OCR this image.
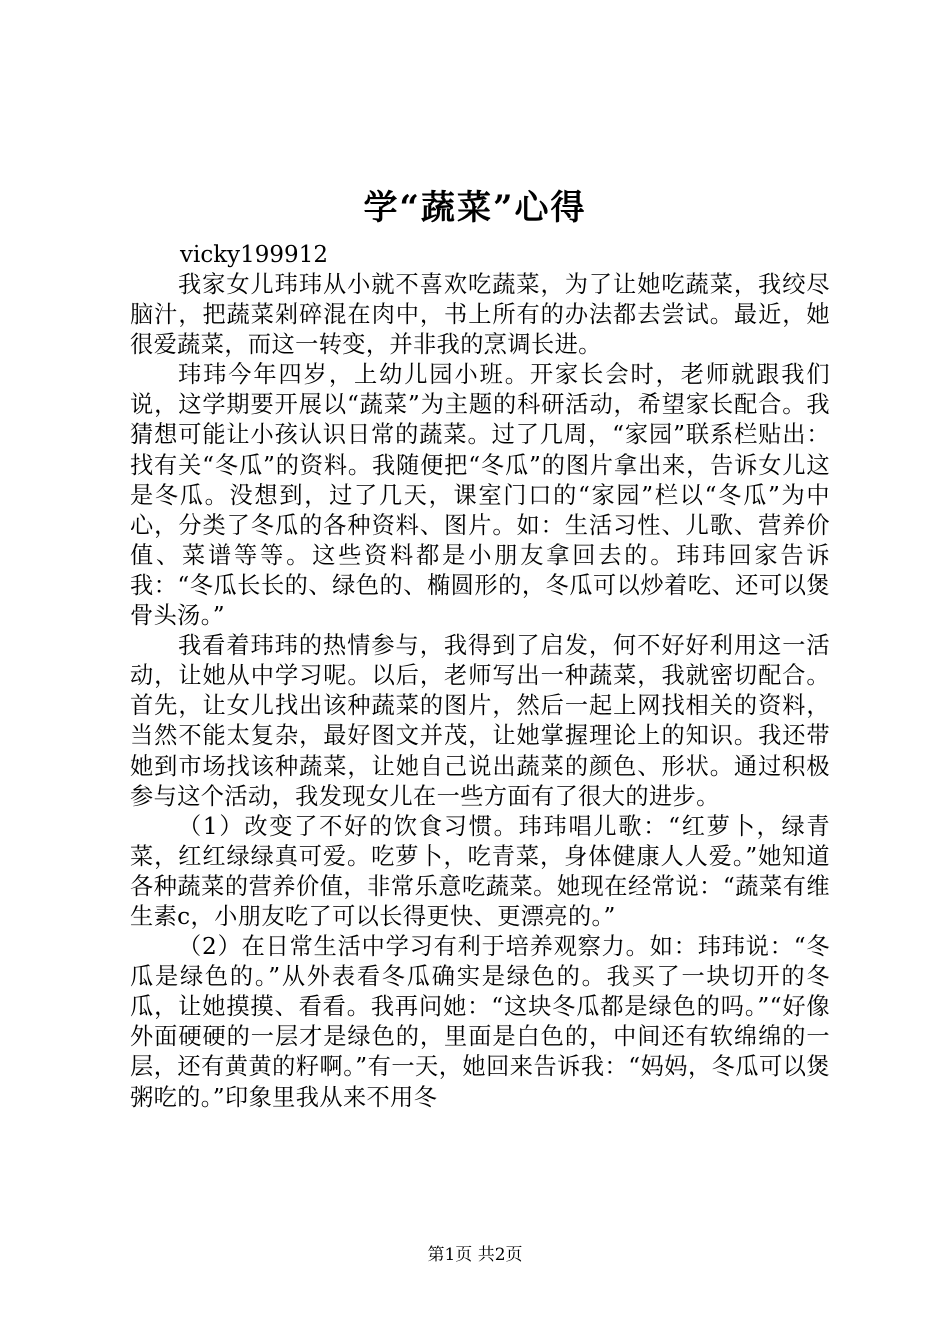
学“蔬菜”心得
vicky199912

我家女儿玮玮从小就不喜欢吃蔬菜，为了让她吃蔬菜，我绞尽脑汁，把蔬菜剁碎混在肉中，书上所有的办法都去尝试。最近，她很爱蔬菜，而这一转变，并非我的烹调长进。

玮玮今年四岁，上幼儿园小班。开家长会时，老师就跟我们说，这学期要开展以“蔬菜”为主题的科研活动，希望家长配合。我猜想可能让小孩认识日常的蔬菜。过了几周，“家园”联系栏贴出：找有关“冬瓜”的资料。我随便把“冬瓜”的图片拿出来，告诉女儿这是冬瓜。没想到，过了几天，课室门口的“家园”栏以“冬瓜”为中心，分类了冬瓜的各种资料、图片。如：生活习性、儿歌、营养价值、菜谱等等。这些资料都是小朋友拿回去的。玮玮回家告诉我：“冬瓜长长的、绿色的、椭圆形的，冬瓜可以炒着吃、还可以煲骨头汤。”

我看着玮玮的热情参与，我得到了启发，何不好好利用这一活动，让她从中学习呢。以后，老师写出一种蔬菜，我就密切配合。首先，让女儿找出该种蔬菜的图片，然后一起上网找相关的资料，当然不能太复杂，最好图文并茂，让她掌握理论上的知识。我还带她到市场找该种蔬菜，让她自己说出蔬菜的颜色、形状。通过积极参与这个活动，我发现女儿在一些方面有了很大的进步。

（1）改变了不好的饮食习惯。玮玮唱儿歌：“红萝卜，绿青菜，红红绿绿真可爱。吃萝卜，吃青菜，身体健康人人爱。”她知道各种蔬菜的营养价值，非常乐意吃蔬菜。她现在经常说：“蔬菜有维生素c，小朋友吃了可以长得更快、更漂亮的。”

（2）在日常生活中学习有利于培养观察力。如：玮玮说：“冬瓜是绿色的。”从外表看冬瓜确实是绿色的。我买了一块切开的冬瓜，让她摸摸、看看。我再问她：“这块冬瓜都是绿色的吗。”“好像外面硬硬的一层才是绿色的，里面是白色的，中间还有软绵绵的一层，还有黄黄的籽啊。”有一天，她回来告诉我：“妈妈，冬瓜可以煲粥吃的。”印象里我从来不用冬

第1页 共2页
